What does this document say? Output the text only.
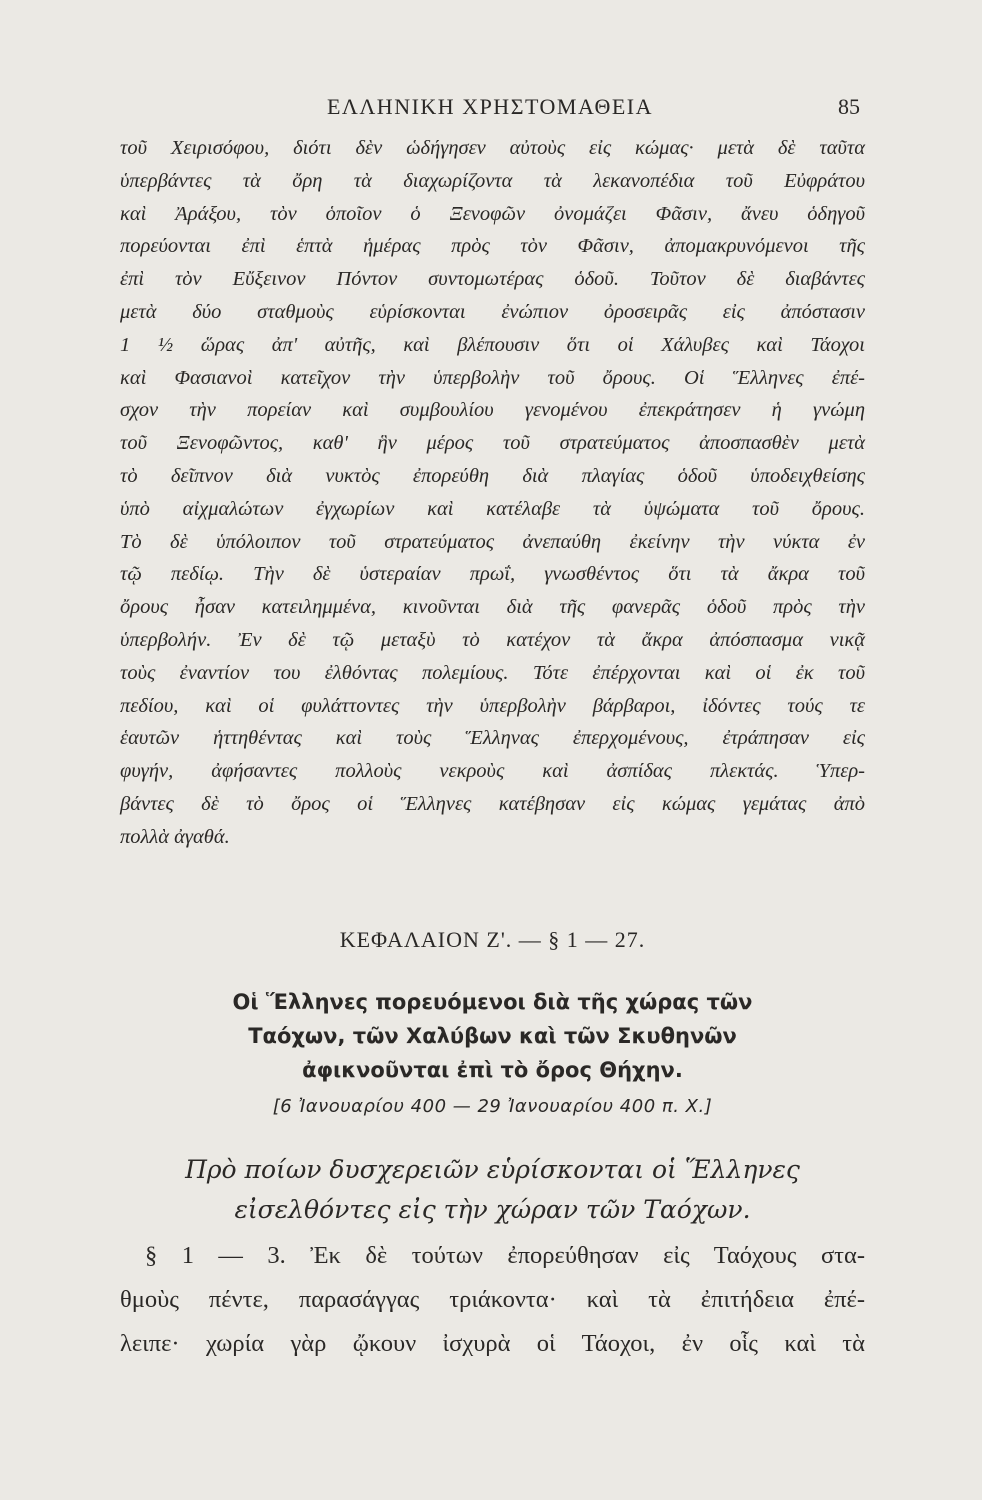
ΕΛΛΗΝΙΚΗ ΧΡΗΣΤΟΜΑΘΕΙΑ	85
τοῦ Χειρισόφου, διότι δὲν ὡδήγησεν αὐτοὺς εἰς κώμας· μετὰ δὲ ταῦτα
ὑπερβάντες τὰ ὄρη τὰ διαχωρίζοντα τὰ λεκανοπέδια τοῦ Εὐφράτου
καὶ Ἀράξου, τὸν ὁποῖον ὁ Ξενοφῶν ὀνομάζει Φᾶσιν, ἄνευ ὁδηγοῦ
πορεύονται ἐπὶ ἑπτὰ ἡμέρας πρὸς τὸν Φᾶσιν, ἀπομακρυνόμενοι τῆς
ἐπὶ τὸν Εὔξεινον Πόντον συντομωτέρας ὁδοῦ. Τοῦτον δὲ διαβάντες
μετὰ δύο σταθμοὺς εὑρίσκονται ἐνώπιον ὀροσειρᾶς εἰς ἀπόστασιν
1 ½ ὥρας ἀπ' αὐτῆς, καὶ βλέπουσιν ὅτι οἱ Χάλυβες καὶ Τάοχοι
καὶ Φασιανοὶ κατεῖχον τὴν ὑπερβολὴν τοῦ ὄρους. Οἱ Ἕλληνες ἐπέ-
σχον τὴν πορείαν καὶ συμβουλίου γενομένου ἐπεκράτησεν ἡ γνώμη
τοῦ Ξενοφῶντος, καθ' ἣν μέρος τοῦ στρατεύματος ἀποσπασθὲν μετὰ
τὸ δεῖπνον διὰ νυκτὸς ἐπορεύθη διὰ πλαγίας ὁδοῦ ὑποδειχθείσης
ὑπὸ αἰχμαλώτων ἐγχωρίων καὶ κατέλαβε τὰ ὑψώματα τοῦ ὄρους.
Τὸ δὲ ὑπόλοιπον τοῦ στρατεύματος ἀνεπαύθη ἐκείνην τὴν νύκτα ἐν
τῷ πεδίῳ. Τὴν δὲ ὑστεραίαν πρωΐ, γνωσθέντος ὅτι τὰ ἄκρα τοῦ
ὄρους ἦσαν κατειλημμένα, κινοῦνται διὰ τῆς φανερᾶς ὁδοῦ πρὸς τὴν
ὑπερβολήν. Ἐν δὲ τῷ μεταξὺ τὸ κατέχον τὰ ἄκρα ἀπόσπασμα νικᾷ
τοὺς ἐναντίον του ἐλθόντας πολεμίους. Τότε ἐπέρχονται καὶ οἱ ἐκ τοῦ
πεδίου, καὶ οἱ φυλάττοντες τὴν ὑπερβολὴν βάρβαροι, ἰδόντες τούς τε
ἑαυτῶν ἡττηθέντας καὶ τοὺς Ἕλληνας ἐπερχομένους, ἐτράπησαν εἰς
φυγήν, ἀφήσαντες πολλοὺς νεκροὺς καὶ ἀσπίδας πλεκτάς. Ὑπερ-
βάντες δὲ τὸ ὄρος οἱ Ἕλληνες κατέβησαν εἰς κώμας γεμάτας ἀπὸ
πολλὰ ἀγαθά.
ΚΕΦΑΛΑΙΟΝ Ζ'. — § 1 — 27.
Οἱ Ἕλληνες πορευόμενοι διὰ τῆς χώρας τῶν
Ταόχων, τῶν Χαλύβων καὶ τῶν Σκυθηνῶν
ἀφικνοῦνται ἐπὶ τὸ ὄρος Θήχην.
[6 Ἰανουαρίου 400 — 29 Ἰανουαρίου 400 π. Χ.]
Πρὸ ποίων δυσχερειῶν εὑρίσκονται οἱ Ἕλληνες
εἰσελθόντες εἰς τὴν χώραν τῶν Ταόχων.
§ 1 — 3. Ἐκ δὲ τούτων ἐπορεύθησαν εἰς Ταόχους στα-
θμοὺς πέντε, παρασάγγας τριάκοντα· καὶ τὰ ἐπιτήδεια ἐπέ-
λειπε· χωρία γὰρ ᾤκουν ἰσχυρὰ οἱ Τάοχοι, ἐν οἷς καὶ τὰ
